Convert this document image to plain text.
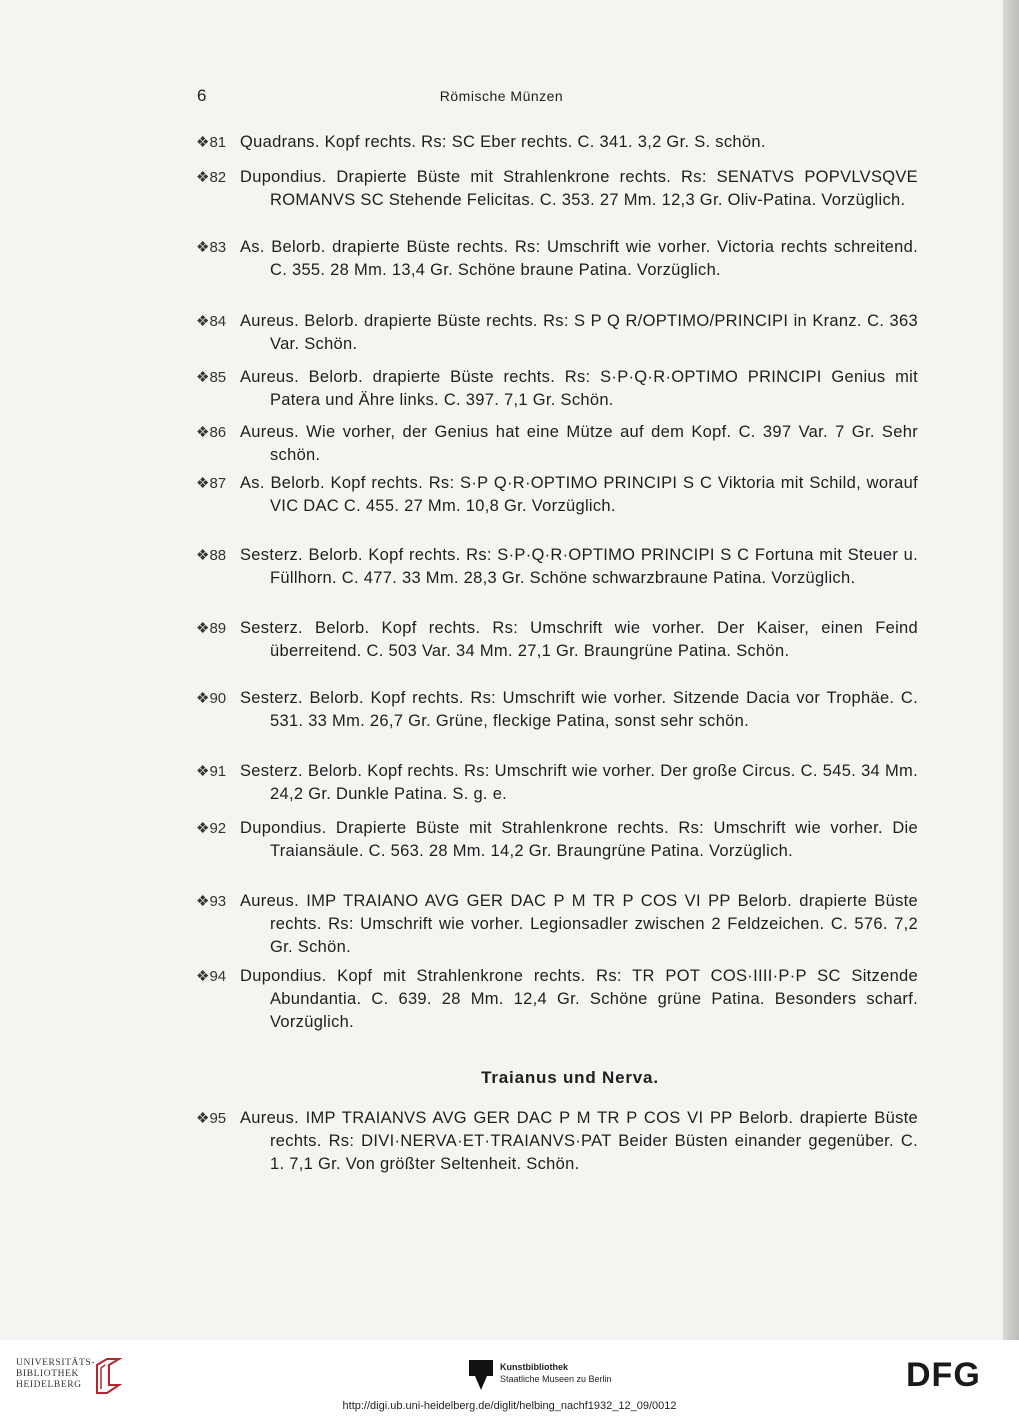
6	Römische Münzen
❖81 Quadrans. Kopf rechts. Rs: SC Eber rechts. C. 341. 3,2 Gr. S. schön.

❖82 Dupondius. Drapierte Büste mit Strahlenkrone rechts. Rs: SENATVS POPVLVSQVE ROMANVS SC Stehende Felicitas. C. 353. 27 Mm. 12,3 Gr. Oliv-Patina. Vorzüglich.

❖83 As. Belorb. drapierte Büste rechts. Rs: Umschrift wie vorher. Victoria rechts schreitend. C. 355. 28 Mm. 13,4 Gr. Schöne braune Patina. Vorzüglich.

❖84 Aureus. Belorb. drapierte Büste rechts. Rs: S P Q R/OPTIMO/PRINCIPI in Kranz. C. 363 Var. Schön.

❖85 Aureus. Belorb. drapierte Büste rechts. Rs: S·P·Q·R·OPTIMO PRINCIPI Genius mit Patera und Ähre links. C. 397. 7,1 Gr. Schön.

❖86 Aureus. Wie vorher, der Genius hat eine Mütze auf dem Kopf. C. 397 Var. 7 Gr. Sehr schön.

❖87 As. Belorb. Kopf rechts. Rs: S·P Q·R·OPTIMO PRINCIPI S C Viktoria mit Schild, worauf VIC DAC C. 455. 27 Mm. 10,8 Gr. Vorzüglich.

❖88 Sesterz. Belorb. Kopf rechts. Rs: S·P·Q·R·OPTIMO PRINCIPI S C Fortuna mit Steuer u. Füllhorn. C. 477. 33 Mm. 28,3 Gr. Schöne schwarzbraune Patina. Vorzüglich.

❖89 Sesterz. Belorb. Kopf rechts. Rs: Umschrift wie vorher. Der Kaiser, einen Feind überreitend. C. 503 Var. 34 Mm. 27,1 Gr. Braungrüne Patina. Schön.

❖90 Sesterz. Belorb. Kopf rechts. Rs: Umschrift wie vorher. Sitzende Dacia vor Trophäe. C. 531. 33 Mm. 26,7 Gr. Grüne, fleckige Patina, sonst sehr schön.

❖91 Sesterz. Belorb. Kopf rechts. Rs: Umschrift wie vorher. Der große Circus. C. 545. 34 Mm. 24,2 Gr. Dunkle Patina. S. g. e.

❖92 Dupondius. Drapierte Büste mit Strahlenkrone rechts. Rs: Umschrift wie vorher. Die Traiansäule. C. 563. 28 Mm. 14,2 Gr. Braungrüne Patina. Vorzüglich.

❖93 Aureus. IMP TRAIANO AVG GER DAC P M TR P COS VI PP Belorb. drapierte Büste rechts. Rs: Umschrift wie vorher. Legionsadler zwischen 2 Feldzeichen. C. 576. 7,2 Gr. Schön.

❖94 Dupondius. Kopf mit Strahlenkrone rechts. Rs: TR POT COS·IIII·P·P SC Sitzende Abundantia. C. 639. 28 Mm. 12,4 Gr. Schöne grüne Patina. Besonders scharf. Vorzüglich.

Traianus und Nerva.
❖95 Aureus. IMP TRAIANVS AVG GER DAC P M TR P COS VI PP Belorb. drapierte Büste rechts. Rs: DIVI·NERVA·ET·TRAIANVS·PAT Beider Büsten einander gegenüber. C. 1. 7,1 Gr. Von größter Seltenheit. Schön.

UNIVERSITÄTS-
BIBLIOTHEK
HEIDELBERG
Kunstbibliothek
Staatliche Museen zu Berlin	DFG
http://digi.ub.uni-heidelberg.de/diglit/helbing_nachf1932_12_09/0012
